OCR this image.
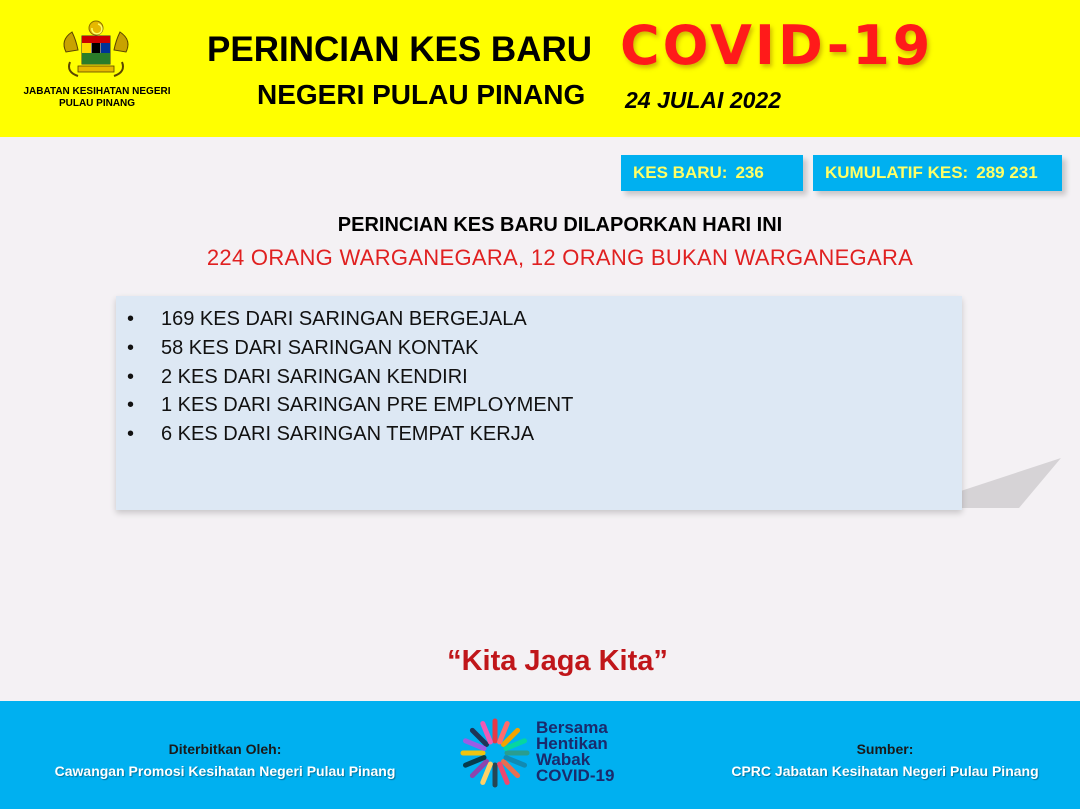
JABATAN KESIHATAN NEGERI PULAU PINANG
PERINCIAN KES BARU COVID-19
NEGERI PULAU PINANG 24 JULAI 2022
KES BARU: 236	KUMULATIF KES: 289 231
PERINCIAN KES BARU DILAPORKAN HARI INI
224 ORANG WARGANEGARA, 12 ORANG BUKAN WARGANEGARA
• 169 KES DARI SARINGAN BERGEJALA
• 58 KES DARI SARINGAN KONTAK
• 2 KES DARI SARINGAN KENDIRI
• 1 KES DARI SARINGAN PRE EMPLOYMENT
• 6 KES DARI SARINGAN TEMPAT KERJA
“Kita Jaga Kita”
Diterbitkan Oleh:
Cawangan Promosi Kesihatan Negeri Pulau Pinang
Bersama
Hentikan
Wabak
COVID-19
Sumber:
CPRC Jabatan Kesihatan Negeri Pulau Pinang
